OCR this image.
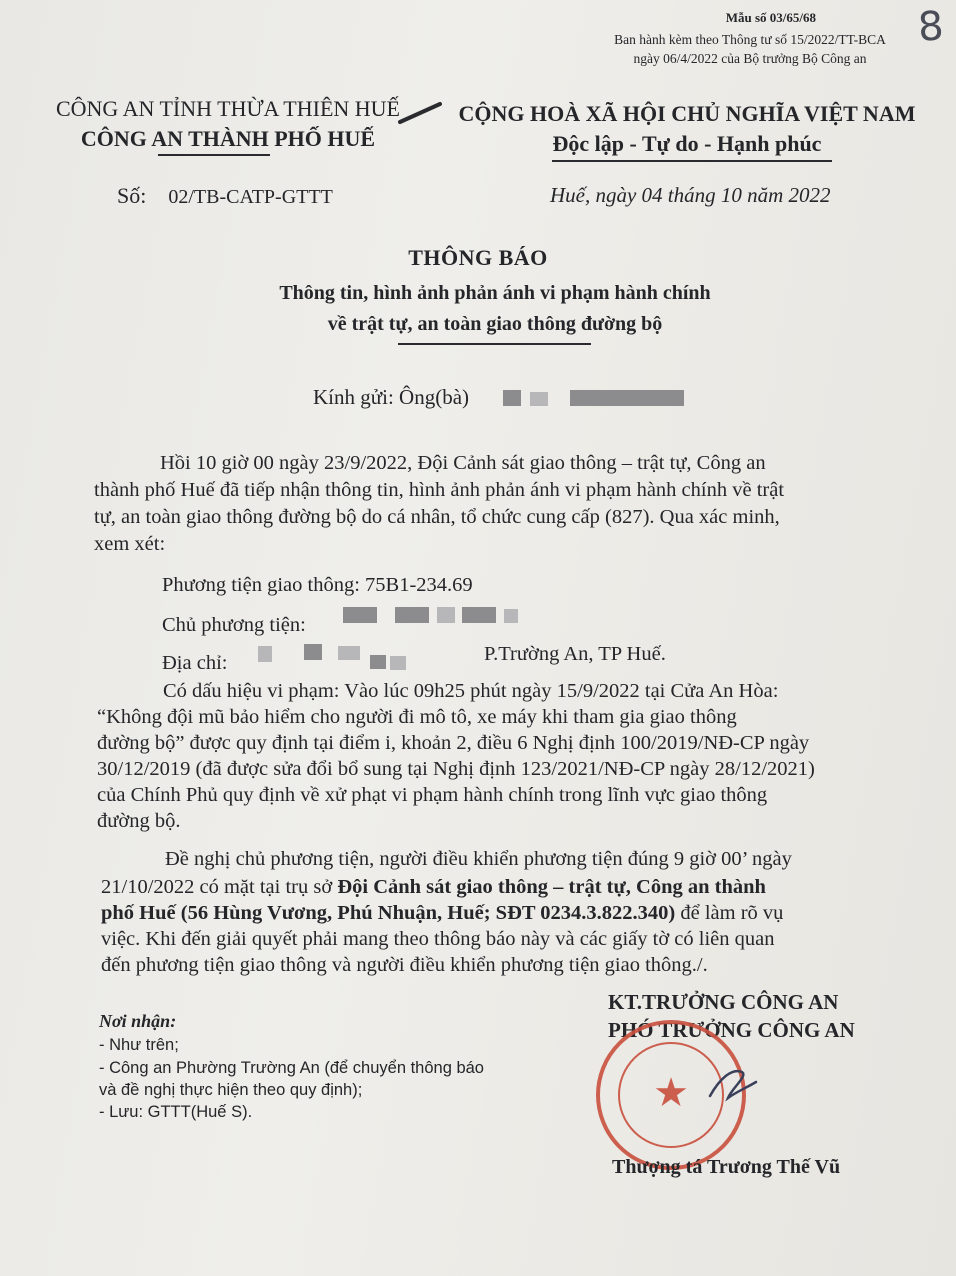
Mẫu số 03/65/68
Ban hành kèm theo Thông tư số 15/2022/TT-BCA
ngày 06/4/2022 của Bộ trưởng Bộ Công an
8
CÔNG AN TỈNH THỪA THIÊN HUẾ
CÔNG AN THÀNH PHỐ HUẾ
CỘNG HOÀ XÃ HỘI CHỦ NGHĨA VIỆT NAM
Độc lập - Tự do - Hạnh phúc
Số: 02/TB-CATP-GTTT	Huế, ngày 04 tháng 10 năm 2022
THÔNG BÁO
Thông tin, hình ảnh phản ánh vi phạm hành chính
về trật tự, an toàn giao thông đường bộ
Kính gửi: Ông(bà)
Hồi 10 giờ 00 ngày 23/9/2022, Đội Cảnh sát giao thông – trật tự, Công an
thành phố Huế đã tiếp nhận thông tin, hình ảnh phản ánh vi phạm hành chính về trật
tự, an toàn giao thông đường bộ do cá nhân, tổ chức cung cấp (827). Qua xác minh,
xem xét:
Phương tiện giao thông: 75B1-234.69
Chủ phương tiện:
Địa chỉ:	P.Trường An, TP Huế.
Có dấu hiệu vi phạm: Vào lúc 09h25 phút ngày 15/9/2022 tại Cửa An Hòa:
“Không đội mũ bảo hiểm cho người đi mô tô, xe máy khi tham gia giao thông
đường bộ” được quy định tại điểm i, khoản 2, điều 6 Nghị định 100/2019/NĐ-CP ngày
30/12/2019 (đã được sửa đổi bổ sung tại Nghị định 123/2021/NĐ-CP ngày 28/12/2021)
của Chính Phủ quy định về xử phạt vi phạm hành chính trong lĩnh vực giao thông
đường bộ.
Đề nghị chủ phương tiện, người điều khiển phương tiện đúng 9 giờ 00’ ngày
21/10/2022 có mặt tại trụ sở Đội Cảnh sát giao thông – trật tự, Công an thành
phố Huế (56 Hùng Vương, Phú Nhuận, Huế; SĐT 0234.3.822.340) để làm rõ vụ
việc. Khi đến giải quyết phải mang theo thông báo này và các giấy tờ có liên quan
đến phương tiện giao thông và người điều khiển phương tiện giao thông./.
Nơi nhận:
- Như trên;
- Công an Phường Trường An (để chuyển thông báo
và đề nghị thực hiện theo quy định);
- Lưu: GTTT(Huế S).
KT.TRƯỞNG CÔNG AN
PHÓ TRƯỞNG CÔNG AN
★
Thượng tá Trương Thế Vũ
